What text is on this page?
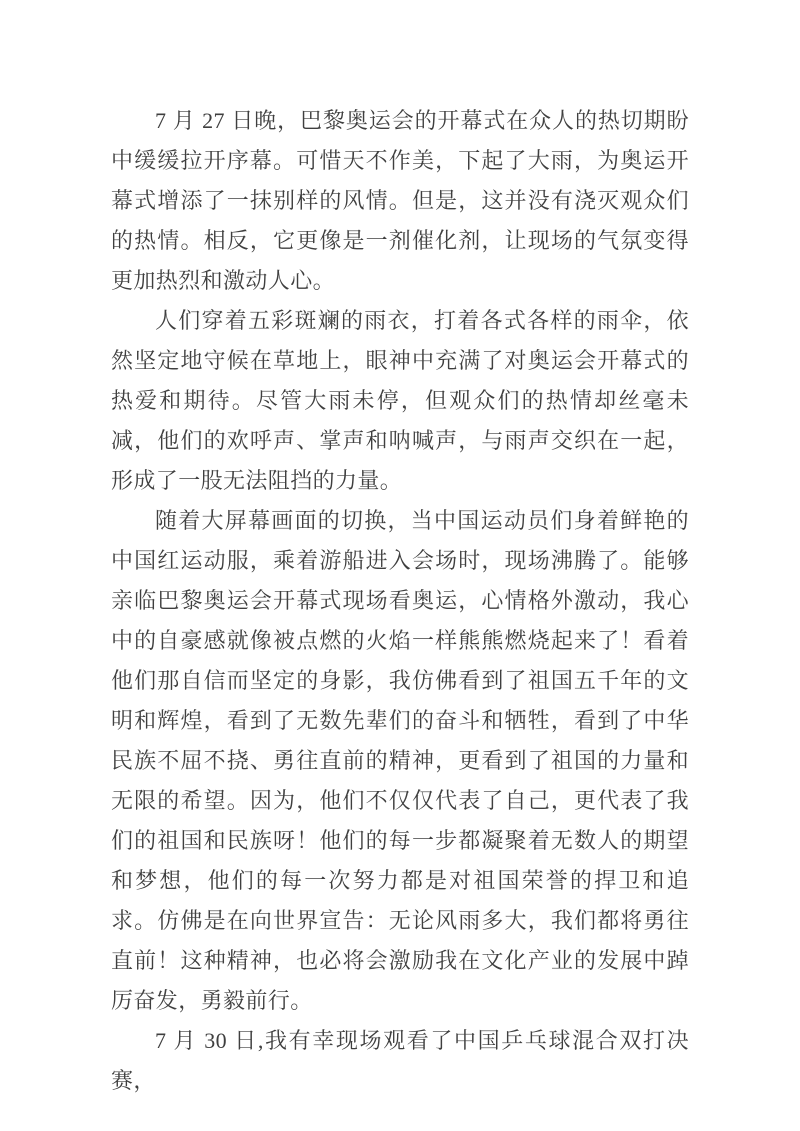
7 月 27 日晚，巴黎奥运会的开幕式在众人的热切期盼中缓缓拉开序幕。可惜天不作美，下起了大雨，为奥运开幕式增添了一抹别样的风情。但是，这并没有浇灭观众们的热情。相反，它更像是一剂催化剂，让现场的气氛变得更加热烈和激动人心。

人们穿着五彩斑斓的雨衣，打着各式各样的雨伞，依然坚定地守候在草地上，眼神中充满了对奥运会开幕式的热爱和期待。尽管大雨未停，但观众们的热情却丝毫未减，他们的欢呼声、掌声和呐喊声，与雨声交织在一起，形成了一股无法阻挡的力量。

随着大屏幕画面的切换，当中国运动员们身着鲜艳的中国红运动服，乘着游船进入会场时，现场沸腾了。能够亲临巴黎奥运会开幕式现场看奥运，心情格外激动，我心中的自豪感就像被点燃的火焰一样熊熊燃烧起来了！看着他们那自信而坚定的身影，我仿佛看到了祖国五千年的文明和辉煌，看到了无数先辈们的奋斗和牺牲，看到了中华民族不屈不挠、勇往直前的精神，更看到了祖国的力量和无限的希望。因为，他们不仅仅代表了自己，更代表了我们的祖国和民族呀！他们的每一步都凝聚着无数人的期望和梦想，他们的每一次努力都是对祖国荣誉的捍卫和追求。仿佛是在向世界宣告：无论风雨多大，我们都将勇往直前！这种精神，也必将会激励我在文化产业的发展中踔厉奋发，勇毅前行。

7 月 30 日,我有幸现场观看了中国乒乓球混合双打决赛，
